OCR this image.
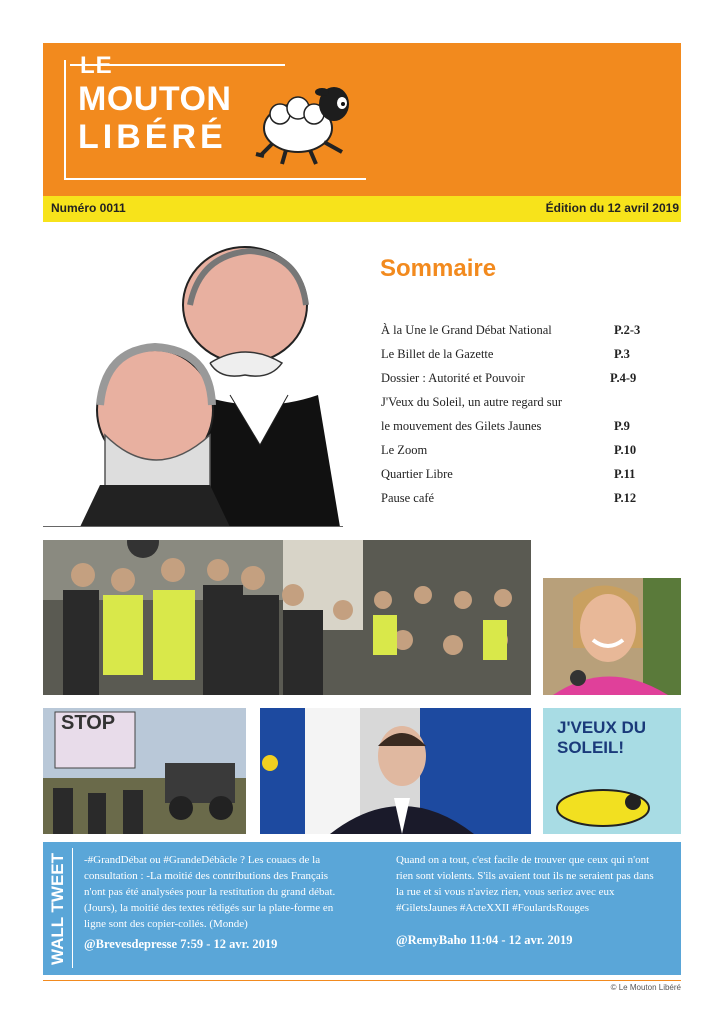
LE
MOUTON
LIBÉRÉ
Numéro 0011	Édition du 12 avril 2019
Sommaire
À la Une le Grand Débat National	P.2-3
Le Billet de la Gazette	P.3
Dossier : Autorité et Pouvoir	P.4-9
J'Veux du Soleil, un autre regard sur
le mouvement des Gilets Jaunes	P.9
Le Zoom	P.10
Quartier Libre	P.11
Pause café	P.12
STOP	J'VEUX DU SOLEIL!
WALL TWEET -#GrandDébat ou #GrandeDébâcle ? Les couacs de la consultation : -La moitié des contributions des Français n'ont pas été analysées pour la restitution du grand débat. (Jours), la moitié des textes rédigés sur la plate-forme en ligne sont des copier-collés. (Monde)
@Brevesdepresse 7:59 - 12 avr. 2019
Quand on a tout, c'est facile de trouver que ceux qui n'ont rien sont violents. S'ils avaient tout ils ne seraient pas dans la rue et si vous n'aviez rien, vous seriez avec eux #GiletsJaunes #ActeXXII #FoulardsRouges
@RemyBaho 11:04 - 12 avr. 2019
© Le Mouton Libéré
